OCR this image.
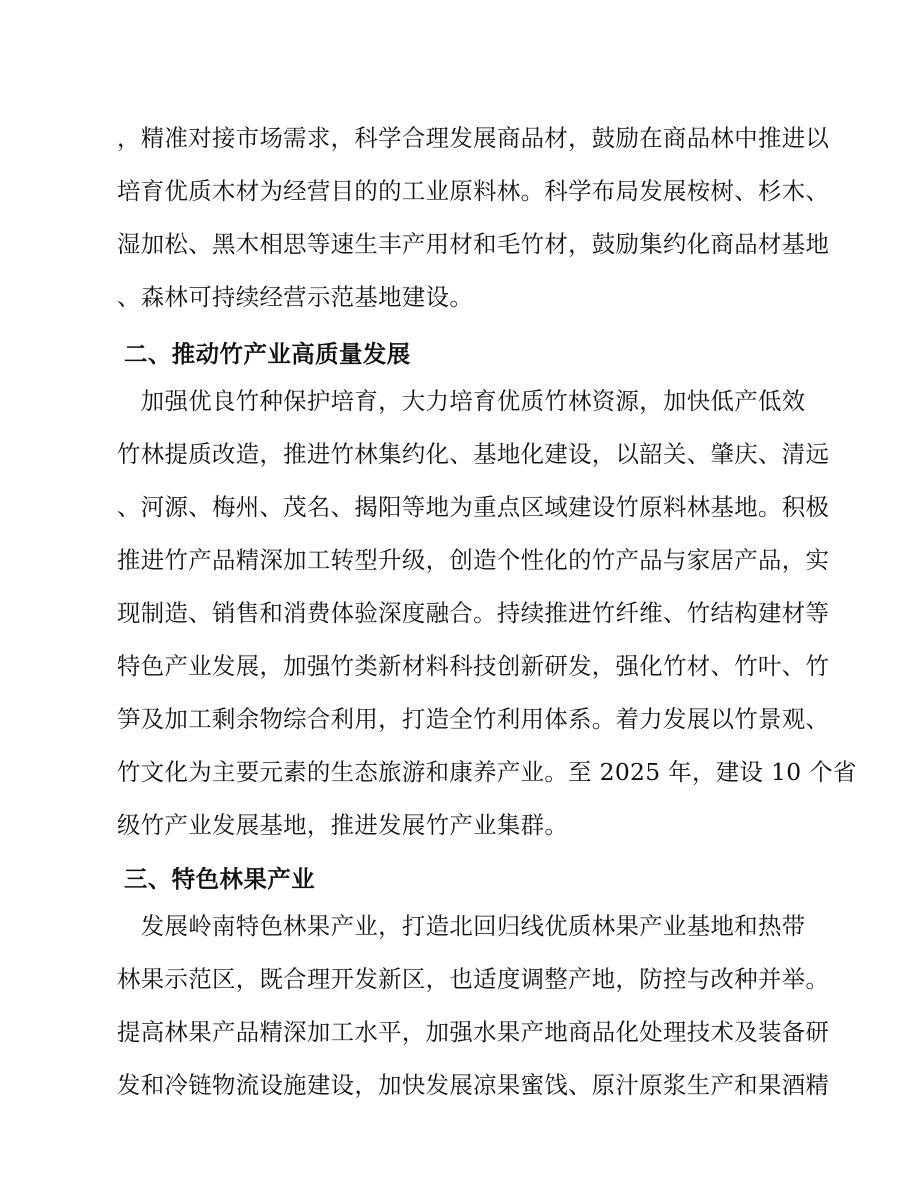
，精准对接市场需求，科学合理发展商品材，鼓励在商品林中推进以
培育优质木材为经营目的的工业原料林。科学布局发展桉树、杉木、
湿加松、黑木相思等速生丰产用材和毛竹材，鼓励集约化商品材基地
、森林可持续经营示范基地建设。
二、推动竹产业高质量发展
　加强优良竹种保护培育，大力培育优质竹林资源，加快低产低效
竹林提质改造，推进竹林集约化、基地化建设，以韶关、肇庆、清远
、河源、梅州、茂名、揭阳等地为重点区域建设竹原料林基地。积极
推进竹产品精深加工转型升级，创造个性化的竹产品与家居产品，实
现制造、销售和消费体验深度融合。持续推进竹纤维、竹结构建材等
特色产业发展，加强竹类新材料科技创新研发，强化竹材、竹叶、竹
笋及加工剩余物综合利用，打造全竹利用体系。着力发展以竹景观、
竹文化为主要元素的生态旅游和康养产业。至 2025 年，建设 10 个省
级竹产业发展基地，推进发展竹产业集群。
三、特色林果产业
　发展岭南特色林果产业，打造北回归线优质林果产业基地和热带
林果示范区，既合理开发新区，也适度调整产地，防控与改种并举。
提高林果产品精深加工水平，加强水果产地商品化处理技术及装备研
发和冷链物流设施建设，加快发展凉果蜜饯、原汁原浆生产和果酒精
